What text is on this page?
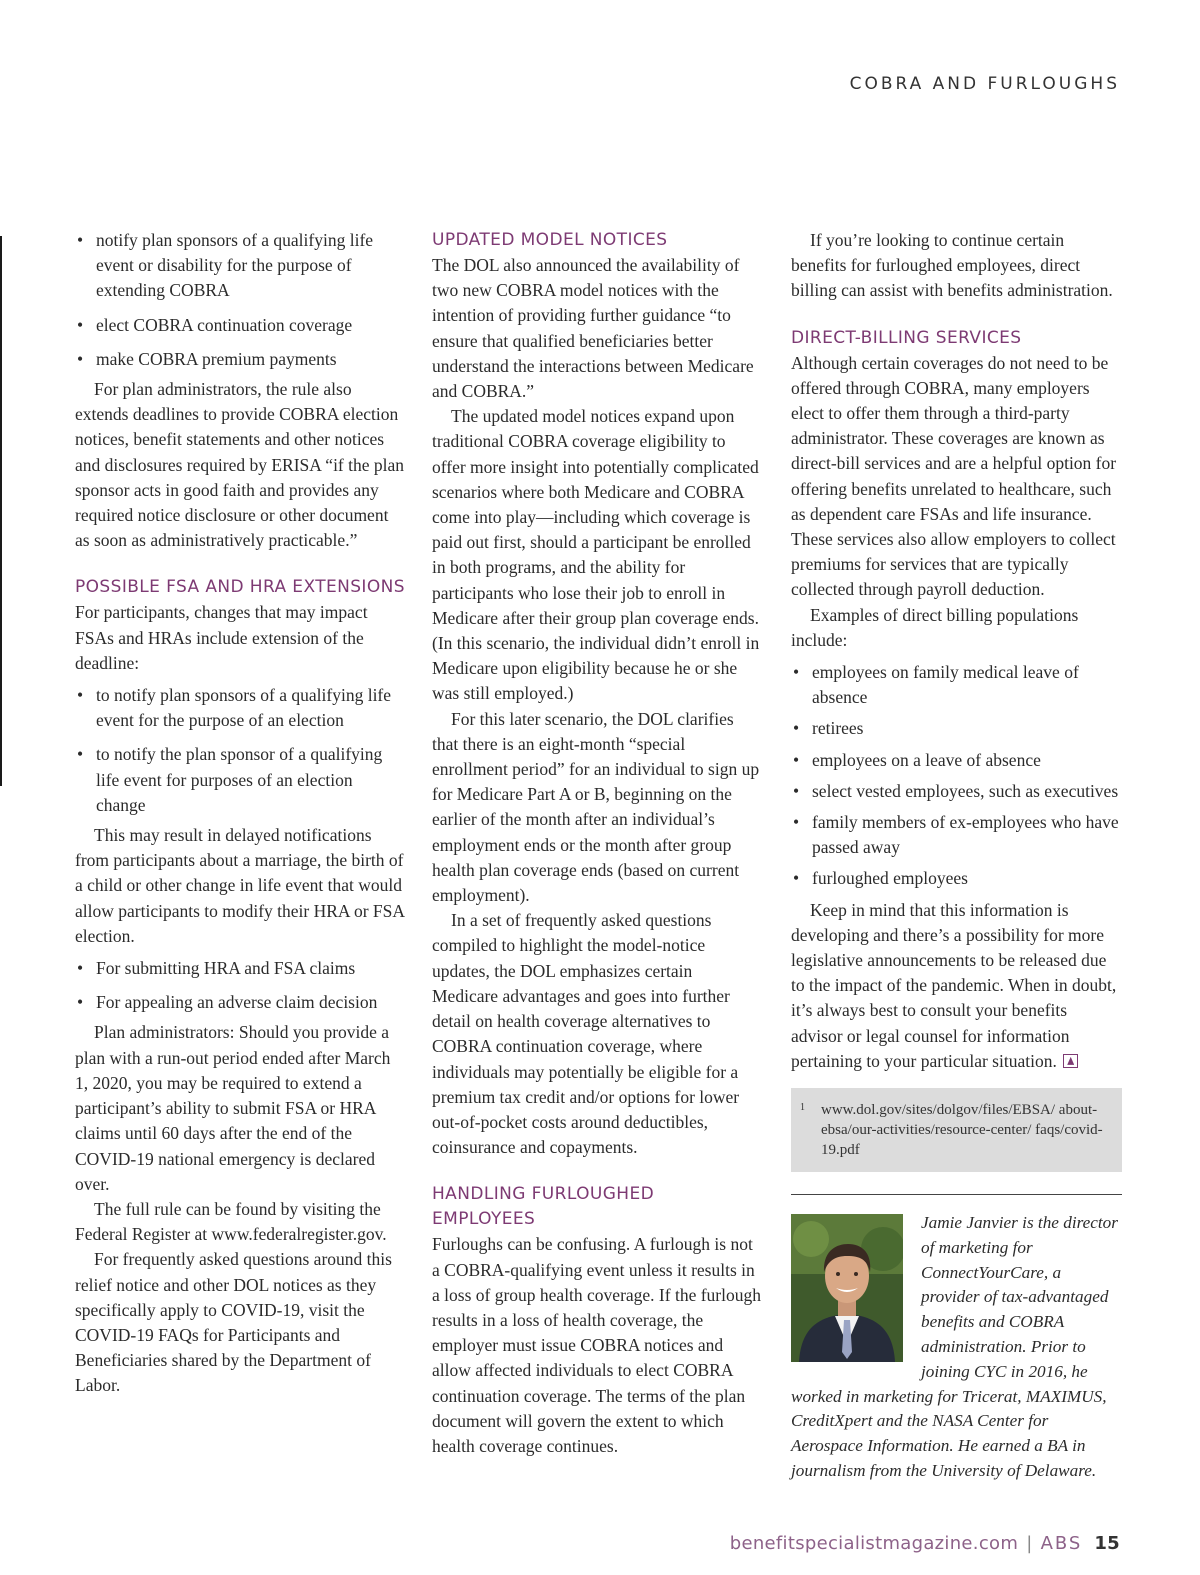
COBRA AND FURLOUGHS
• notify plan sponsors of a qualifying life event or disability for the purpose of extending COBRA
• elect COBRA continuation coverage
• make COBRA premium payments

For plan administrators, the rule also extends deadlines to provide COBRA election notices, benefit statements and other notices and disclosures required by ERISA “if the plan sponsor acts in good faith and provides any required notice disclosure or other document as soon as administratively practicable.”

POSSIBLE FSA AND HRA EXTENSIONS

For participants, changes that may impact FSAs and HRAs include extension of the deadline:

• to notify plan sponsors of a qualifying life event for the purpose of an election
• to notify the plan sponsor of a qualifying life event for purposes of an election change

This may result in delayed notifications from participants about a marriage, the birth of a child or other change in life event that would allow participants to modify their HRA or FSA election.

• For submitting HRA and FSA claims
• For appealing an adverse claim decision

Plan administrators: Should you provide a plan with a run-out period ended after March 1, 2020, you may be required to extend a participant’s ability to submit FSA or HRA claims until 60 days after the end of the COVID-19 national emergency is declared over.

The full rule can be found by visiting the Federal Register at www.federalregister.gov.

For frequently asked questions around this relief notice and other DOL notices as they specifically apply to COVID-19, visit the COVID-19 FAQs for Participants and Beneficiaries shared by the Department of Labor.

UPDATED MODEL NOTICES

The DOL also announced the availability of two new COBRA model notices with the intention of providing further guidance “to ensure that qualified beneficiaries better understand the interactions between Medicare and COBRA.”

The updated model notices expand upon traditional COBRA coverage eligibility to offer more insight into potentially complicated scenarios where both Medicare and COBRA come into play—including which coverage is paid out first, should a participant be enrolled in both programs, and the ability for participants who lose their job to enroll in Medicare after their group plan coverage ends. (In this scenario, the individual didn’t enroll in Medicare upon eligibility because he or she was still employed.)

For this later scenario, the DOL clarifies that there is an eight-month “special enrollment period” for an individual to sign up for Medicare Part A or B, beginning on the earlier of the month after an individual’s employment ends or the month after group health plan coverage ends (based on current employment).

In a set of frequently asked questions compiled to highlight the model-notice updates, the DOL emphasizes certain Medicare advantages and goes into further detail on health coverage alternatives to COBRA continuation coverage, where individuals may potentially be eligible for a premium tax credit and/or options for lower out-of-pocket costs around deductibles, coinsurance and copayments.

HANDLING FURLOUGHED EMPLOYEES

Furloughs can be confusing. A furlough is not a COBRA-qualifying event unless it results in a loss of group health coverage. If the furlough results in a loss of health coverage, the employer must issue COBRA notices and allow affected individuals to elect COBRA continuation coverage. The terms of the plan document will govern the extent to which health coverage continues.

If you’re looking to continue certain benefits for furloughed employees, direct billing can assist with benefits administration.

DIRECT-BILLING SERVICES

Although certain coverages do not need to be offered through COBRA, many employers elect to offer them through a third-party administrator. These coverages are known as direct-bill services and are a helpful option for offering benefits unrelated to healthcare, such as dependent care FSAs and life insurance. These services also allow employers to collect premiums for services that are typically collected through payroll deduction.

Examples of direct billing populations include:

• employees on family medical leave of absence
• retirees
• employees on a leave of absence
• select vested employees, such as executives
• family members of ex-employees who have passed away
• furloughed employees

Keep in mind that this information is developing and there’s a possibility for more legislative announcements to be released due to the impact of the pandemic. When in doubt, it’s always best to consult your benefits advisor or legal counsel for information pertaining to your particular situation.

1	www.dol.gov/sites/dolgov/files/EBSA/ about-ebsa/our-activities/resource-center/ faqs/covid-19.pdf
Jamie Janvier is the director of marketing for ConnectYourCare, a provider of tax-advantaged benefits and COBRA administration. Prior to joining CYC in 2016, he worked in marketing for Tricerat, MAXIMUS, CreditXpert and the NASA Center for Aerospace Information. He earned a BA in journalism from the University of Delaware.
benefitspecialistmagazine.com | ABS 15
